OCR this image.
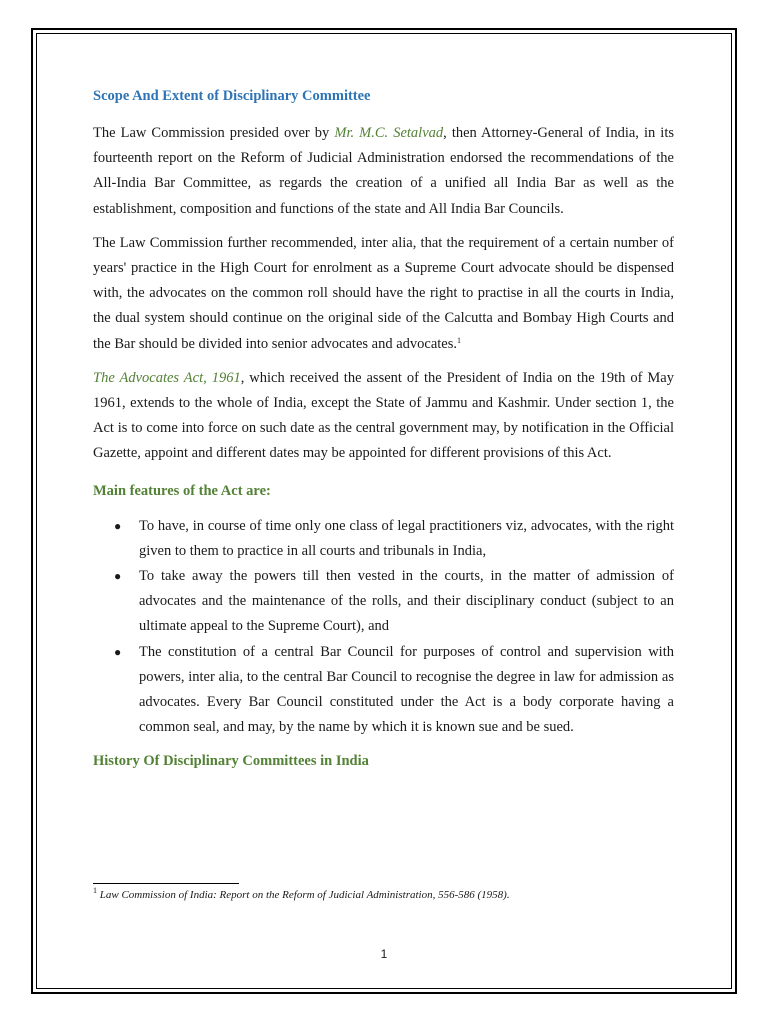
Scope And Extent of Disciplinary Committee

The Law Commission presided over by Mr. M.C. Setalvad, then Attorney-General of India, in its fourteenth report on the Reform of Judicial Administration endorsed the recommendations of the All-India Bar Committee, as regards the creation of a unified all India Bar as well as the establishment, composition and functions of the state and All India Bar Councils.

The Law Commission further recommended, inter alia, that the requirement of a certain number of years' practice in the High Court for enrolment as a Supreme Court advocate should be dispensed with, the advocates on the common roll should have the right to practise in all the courts in India, the dual system should continue on the original side of the Calcutta and Bombay High Courts and the Bar should be divided into senior advocates and advocates.$^1$

The Advocates Act, 1961, which received the assent of the President of India on the 19th of May 1961, extends to the whole of India, except the State of Jammu and Kashmir. Under section 1, the Act is to come into force on such date as the central government may, by notification in the Official Gazette, appoint and different dates may be appointed for different provisions of this Act.

Main features of the Act are:
● To have, in course of time only one class of legal practitioners viz, advocates, with the right given to them to practice in all courts and tribunals in India,
● To take away the powers till then vested in the courts, in the matter of admission of advocates and the maintenance of the rolls, and their disciplinary conduct (subject to an ultimate appeal to the Supreme Court), and
● The constitution of a central Bar Council for purposes of control and supervision with powers, inter alia, to the central Bar Council to recognise the degree in law for admission as advocates. Every Bar Council constituted under the Act is a body corporate having a common seal, and may, by the name by which it is known sue and be sued.
History Of Disciplinary Committees in India
$^1$ Law Commission of India: Report on the Reform of Judicial Administration, 556-586 (1958).
1
